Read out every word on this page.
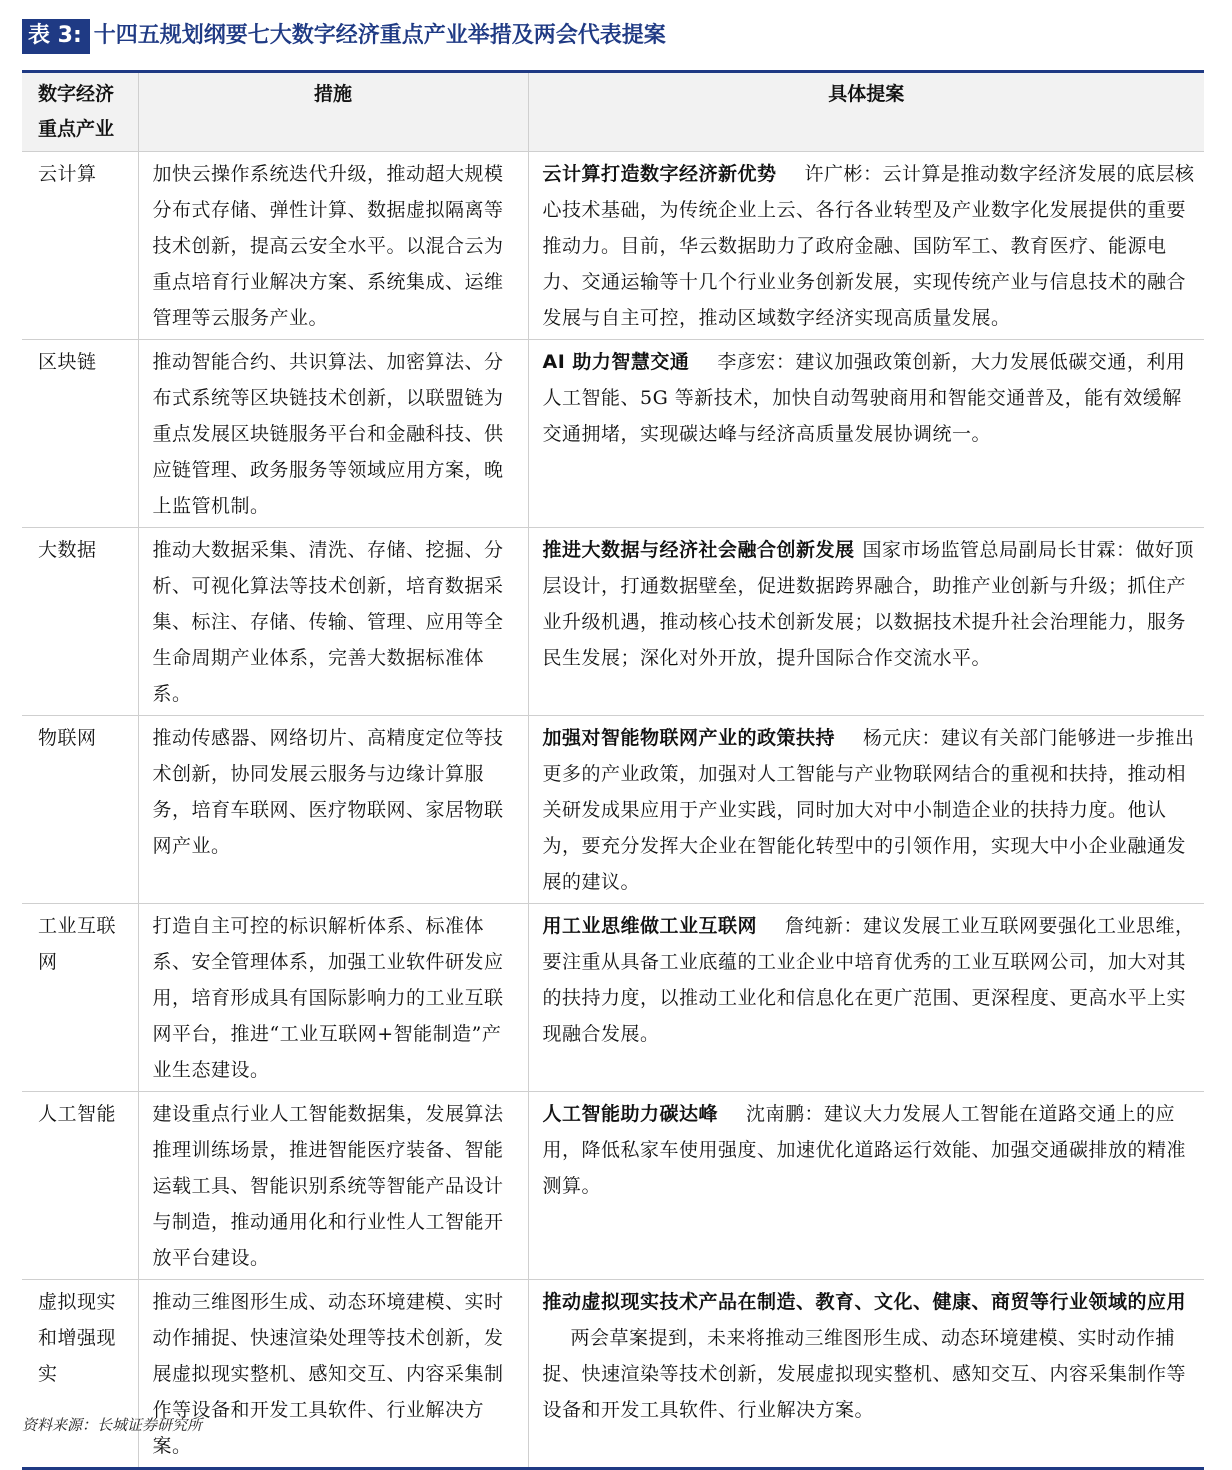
表 3: 十四五规划纲要七大数字经济重点产业举措及两会代表提案
数字经济重点产业	措施	具体提案
云计算	加快云操作系统迭代升级，推动超大规模分布式存储、弹性计算、数据虚拟隔离等技术创新，提高云安全水平。以混合云为重点培育行业解决方案、系统集成、运维管理等云服务产业。	云计算打造数字经济新优势 许广彬：云计算是推动数字经济发展的底层核心技术基础，为传统企业上云、各行各业转型及产业数字化发展提供的重要推动力。目前，华云数据助力了政府金融、国防军工、教育医疗、能源电力、交通运输等十几个行业业务创新发展，实现传统产业与信息技术的融合发展与自主可控，推动区域数字经济实现高质量发展。
区块链	推动智能合约、共识算法、加密算法、分布式系统等区块链技术创新，以联盟链为重点发展区块链服务平台和金融科技、供应链管理、政务服务等领域应用方案，晚上监管机制。	AI 助力智慧交通 李彦宏：建议加强政策创新，大力发展低碳交通，利用人工智能、5G 等新技术，加快自动驾驶商用和智能交通普及，能有效缓解交通拥堵，实现碳达峰与经济高质量发展协调统一。
大数据	推动大数据采集、清洗、存储、挖掘、分析、可视化算法等技术创新，培育数据采集、标注、存储、传输、管理、应用等全生命周期产业体系，完善大数据标准体系。	推进大数据与经济社会融合创新发展 国家市场监管总局副局长甘霖：做好顶层设计，打通数据壁垒，促进数据跨界融合，助推产业创新与升级；抓住产业升级机遇，推动核心技术创新发展；以数据技术提升社会治理能力，服务民生发展；深化对外开放，提升国际合作交流水平。
物联网	推动传感器、网络切片、高精度定位等技术创新，协同发展云服务与边缘计算服务，培育车联网、医疗物联网、家居物联网产业。	加强对智能物联网产业的政策扶持 杨元庆：建议有关部门能够进一步推出更多的产业政策，加强对人工智能与产业物联网结合的重视和扶持，推动相关研发成果应用于产业实践，同时加大对中小制造企业的扶持力度。他认为，要充分发挥大企业在智能化转型中的引领作用，实现大中小企业融通发展的建议。
工业互联网	打造自主可控的标识解析体系、标准体系、安全管理体系，加强工业软件研发应用，培育形成具有国际影响力的工业互联网平台，推进“工业互联网+智能制造”产业生态建设。	用工业思维做工业互联网 詹纯新：建议发展工业互联网要强化工业思维，要注重从具备工业底蕴的工业企业中培育优秀的工业互联网公司，加大对其的扶持力度，以推动工业化和信息化在更广范围、更深程度、更高水平上实现融合发展。
人工智能	建设重点行业人工智能数据集，发展算法推理训练场景，推进智能医疗装备、智能运载工具、智能识别系统等智能产品设计与制造，推动通用化和行业性人工智能开放平台建设。	人工智能助力碳达峰 沈南鹏：建议大力发展人工智能在道路交通上的应用，降低私家车使用强度、加速优化道路运行效能、加强交通碳排放的精准测算。
虚拟现实和增强现实	推动三维图形生成、动态环境建模、实时动作捕捉、快速渲染处理等技术创新，发展虚拟现实整机、感知交互、内容采集制作等设备和开发工具软件、行业解决方案。	推动虚拟现实技术产品在制造、教育、文化、健康、商贸等行业领域的应用两会草案提到，未来将推动三维图形生成、动态环境建模、实时动作捕捉、快速渲染等技术创新，发展虚拟现实整机、感知交互、内容采集制作等设备和开发工具软件、行业解决方案。
资料来源：长城证券研究所
